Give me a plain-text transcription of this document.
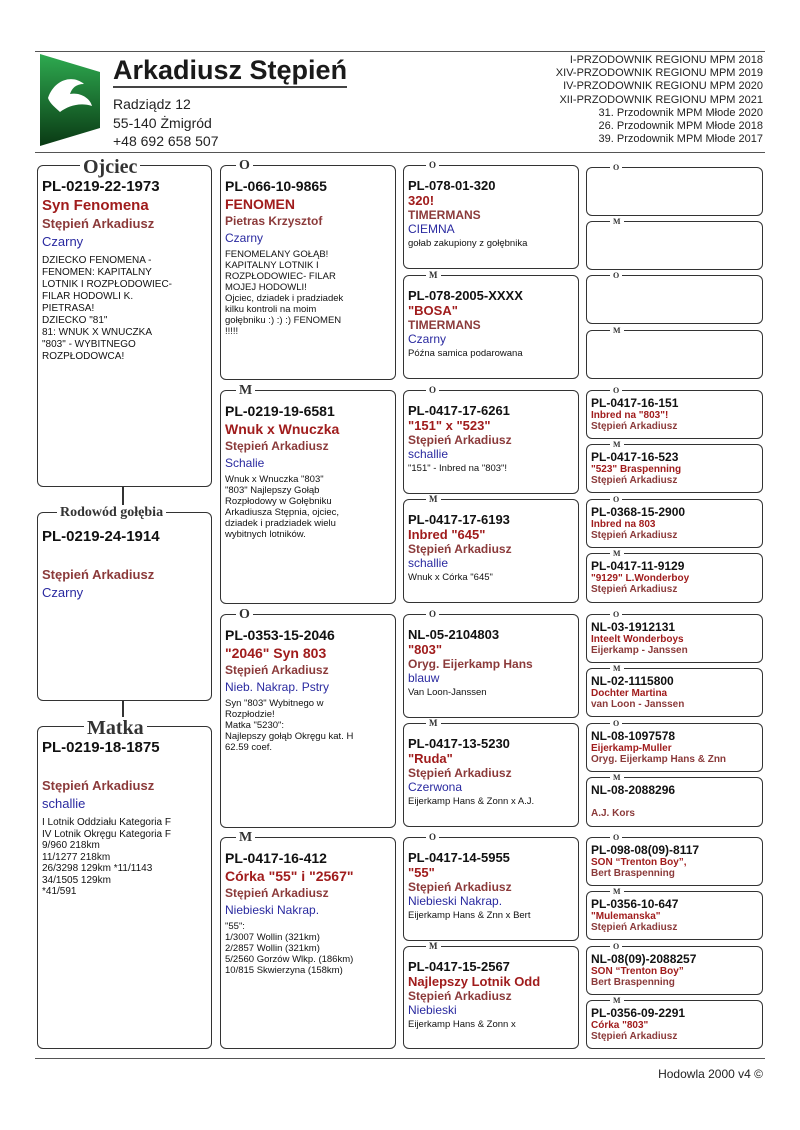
Arkadiusz Stępień
Radziądz 12
55-140 Żmigród
+48 692 658 507
I-PRZODOWNIK REGIONU MPM 2018
XIV-PRZODOWNIK REGIONU MPM 2019
IV-PRZODOWNIK REGIONU MPM 2020
XII-PRZODOWNIK REGIONU MPM 2021
31. Przodownik MPM Młode 2020
26. Przodownik MPM Młode 2018
39. Przodownik MPM Młode 2017
PL-0219-22-1973
Syn Fenomena
Stępień Arkadiusz
Czarny
DZIECKO FENOMENA -
FENOMEN: KAPITALNY
LOTNIK I ROZPŁODOWIEC-
FILAR HODOWLI K.
PIETRASA!
DZIECKO "81"
81: WNUK X WNUCZKA
"803" - WYBITNEGO
ROZPŁODOWCA!
Ojciec
PL-0219-24-1914
Stępień Arkadiusz
Czarny
Rodowód gołębia
PL-0219-18-1875
Stępień Arkadiusz
schallie
I Lotnik Oddziału Kategoria F
IV Lotnik Okręgu Kategoria F
9/960 218km
11/1277 218km
26/3298 129km *11/1143
34/1505 129km
*41/591
Matka
PL-066-10-9865
FENOMEN
Pietras Krzysztof
Czarny
FENOMELANY GOŁĄB!
KAPITALNY LOTNIK I
ROZPŁODOWIEC- FILAR
MOJEJ HODOWLI!
Ojciec, dziadek i pradziadek
kilku kontroli na moim
gołębniku :) :) :) FENOMEN
!!!!!
O
PL-0219-19-6581
Wnuk x Wnuczka
Stępień Arkadiusz
Schalie
Wnuk x Wnuczka "803"
"803" Najlepszy Gołąb
Rozpłodowy w Gołębniku
Arkadiusza Stępnia, ojciec,
dziadek i pradziadek wielu
wybitnych lotników.
M
PL-0353-15-2046
"2046" Syn 803
Stępień Arkadiusz
Nieb. Nakrap. Pstry
Syn "803" Wybitnego w
Rozpłodzie!
Matka "5230":
Najlepszy gołąb Okręgu kat. H
62.59 coef.
O
PL-0417-16-412
Córka "55" i "2567"
Stępień Arkadiusz
Niebieski Nakrap.
"55":
1/3007 Wollin (321km)
2/2857 Wollin (321km)
5/2560 Gorzów Wlkp. (186km)
10/815 Skwierzyna (158km)
M
PL-078-01-320
320!
TIMERMANS
CIEMNA
gołab zakupiony z gołębnika
O
PL-078-2005-XXXX
"BOSA"
TIMERMANS
Czarny
Późna samica podarowana
M
PL-0417-17-6261
"151" x "523"
Stępień Arkadiusz
schallie
"151" - Inbred na "803"!
O
PL-0417-17-6193
Inbred "645"
Stępień Arkadiusz
schallie
Wnuk x Córka "645"
M
NL-05-2104803
"803"
Oryg. Eijerkamp Hans
blauw
Van Loon-Janssen
O
PL-0417-13-5230
"Ruda"
Stępień Arkadiusz
Czerwona
Eijerkamp Hans & Zonn x A.J.
M
PL-0417-14-5955
"55"
Stępień Arkadiusz
Niebieski Nakrap.
Eijerkamp Hans & Znn x Bert
O
PL-0417-15-2567
Najlepszy Lotnik Odd
Stępień Arkadiusz
Niebieski
Eijerkamp Hans & Zonn x
M
O
M
O
M
PL-0417-16-151
Inbred na "803"!
Stępień Arkadiusz
O
PL-0417-16-523
"523" Braspenning
Stępień Arkadiusz
M
PL-0368-15-2900
Inbred na 803
Stępień Arkadiusz
O
PL-0417-11-9129
"9129" L.Wonderboy
Stępień Arkadiusz
M
NL-03-1912131
Inteelt Wonderboys
Eijerkamp - Janssen
O
NL-02-1115800
Dochter Martina
van Loon - Janssen
M
NL-08-1097578
Eijerkamp-Muller
Oryg. Eijerkamp Hans & Znn
O
NL-08-2088296
A.J. Kors
M
PL-098-08(09)-8117
SON “Trenton Boy”,
Bert Braspenning
O
PL-0356-10-647
"Mulemanska"
Stępień Arkadiusz
M
NL-08(09)-2088257
SON “Trenton Boy”
Bert Braspenning
O
PL-0356-09-2291
Córka "803"
Stępień Arkadiusz
M
Hodowla 2000 v4 ©
